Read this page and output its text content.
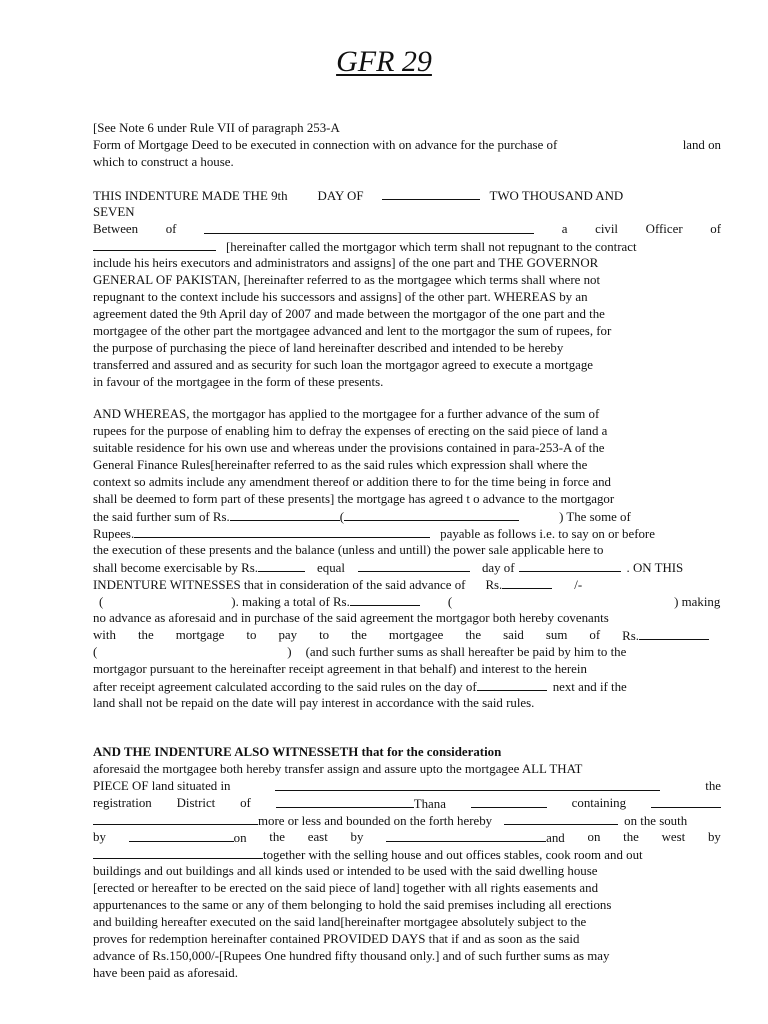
GFR 29
[See Note 6 under Rule VII of paragraph 253-A
Form of Mortgage Deed to be executed in connection with on advance for the purchase of	land on
which to construct a house.
THIS INDENTURE MADE THE 9th DAY OF	TWO THOUSAND AND
SEVEN
Between of	a civil Officer of
[hereinafter called the mortgagor which term shall not repugnant to the contract
include his heirs executors and administrators and assigns] of the one part and THE GOVERNOR
GENERAL OF PAKISTAN, [hereinafter referred to as the mortgagee which terms shall where not
repugnant to the context include his successors and assigns] of the other part. WHEREAS by an
agreement dated the 9th April day of 2007 and made between the mortgagor of the one part and the
mortgagee of the other part the mortgagee advanced and lent to the mortgagor the sum of rupees, for
the purpose of purchasing the piece of land hereinafter described and intended to be hereby
transferred and assured and as security for such loan the mortgagor agreed to execute a mortgage
in favour of the mortgagee in the form of these presents.
AND WHEREAS, the mortgagor has applied to the mortgagee for a further advance of the sum of
rupees for the purpose of enabling him to defray the expenses of erecting on the said piece of land a
suitable residence for his own use and whereas under the provisions contained in para-253-A of the
General Finance Rules[hereinafter referred to as the said rules which expression shall where the
context so admits include any amendment thereof or addition there to for the time being in force and
shall be deemed to form part of these presents] the mortgage has agreed t o advance to the mortgagor
the said further sum of Rs.	(	) The some of
Rupees.	payable as follows i.e. to say on or before
the execution of these presents and the balance (unless and untill) the power sale applicable here to
shall become exercisable by Rs.	equal	day of	. ON THIS
INDENTURE WITNESSES that in consideration of the said advance of Rs.	/-
(	). making a total of Rs.	(	) making
no advance as aforesaid and in purchase of the said agreement the mortgagor both hereby covenants
with the mortgage to pay to the mortgagee the said sum of Rs.
(	) (and such further sums as shall hereafter be paid by him to the
mortgagor pursuant to the hereinafter receipt agreement in that behalf) and interest to the herein
after receipt agreement calculated according to the said rules on the day of	next and if the
land shall not be repaid on the date will pay interest in accordance with the said rules.
AND THE INDENTURE ALSO WITNESSETH that for the consideration
aforesaid the mortgagee both hereby transfer assign and assure upto the mortgagee ALL THAT
PIECE OF land situated in	the
registration District of	Thana	containing
more or less and bounded on the forth hereby	on the south
by	on the east by	and on the west by
together with the selling house and out offices stables, cook room and out
buildings and out buildings and all kinds used or intended to be used with the said dwelling house
[erected or hereafter to be erected on the said piece of land] together with all rights easements and
appurtenances to the same or any of them belonging to hold the said premises including all erections
and building hereafter executed on the said land[hereinafter mortgagee absolutely subject to the
proves for redemption hereinafter contained PROVIDED DAYS that if and as soon as the said
advance of Rs.150,000/-[Rupees One hundred fifty thousand only.] and of such further sums as may
have been paid as aforesaid.
